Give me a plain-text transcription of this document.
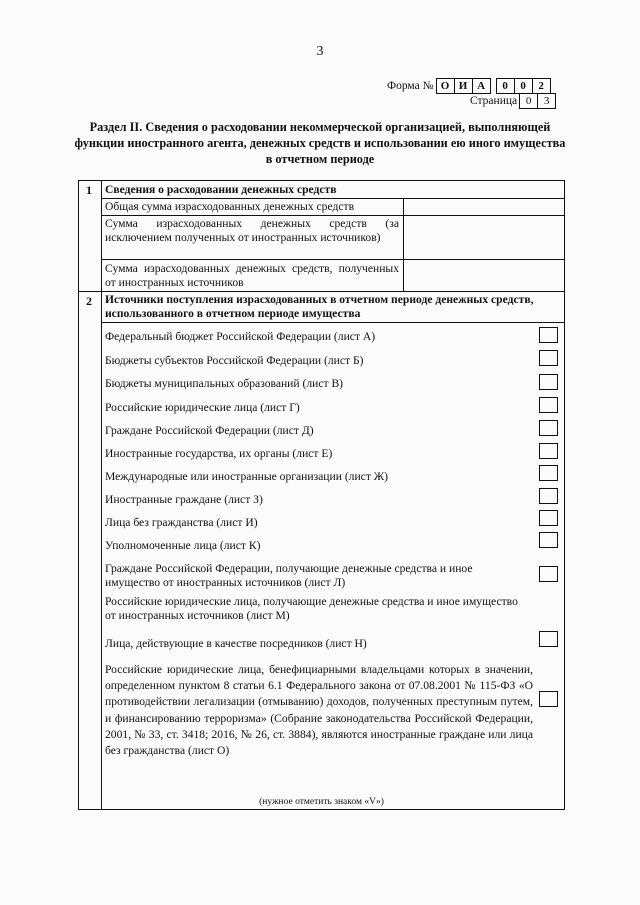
3
Форма № О И А	0	0	2
Страница 0	3
Раздел II. Сведения о расходовании некоммерческой организацией, выполняющей функции иностранного агента, денежных средств и использовании ею иного имущества в отчетном периоде
1 Сведения о расходовании денежных средств
Общая сумма израсходованных денежных средств
Сумма израсходованных денежных средств (за исключением полученных от иностранных источников)
Сумма израсходованных денежных средств, полученных от иностранных источников
2 Источники поступления израсходованных в отчетном периоде денежных средств, использованного в отчетном периоде имущества
Федеральный бюджет Российской Федерации (лист А)
Бюджеты субъектов Российской Федерации (лист Б)
Бюджеты муниципальных образований (лист В)
Российские юридические лица (лист Г)
Граждане Российской Федерации (лист Д)
Иностранные государства, их органы (лист Е)
Международные или иностранные организации (лист Ж)
Иностранные граждане (лист З)
Лица без гражданства (лист И)
Уполномоченные лица (лист К)
Граждане Российской Федерации, получающие денежные средства и иное имущество от иностранных источников (лист Л)
Российские юридические лица, получающие денежные средства и иное имущество от иностранных источников (лист М)
Лица, действующие в качестве посредников (лист Н)
Российские юридические лица, бенефициарными владельцами которых в значении, определенном пунктом 8 статьи 6.1 Федерального закона от 07.08.2001 № 115-ФЗ «О противодействии легализации (отмыванию) доходов, полученных преступным путем, и финансированию терроризма» (Собрание законодательства Российской Федерации, 2001, № 33, ст. 3418; 2016, № 26, ст. 3884), являются иностранные граждане или лица без гражданства (лист О)
(нужное отметить знаком «V»)
